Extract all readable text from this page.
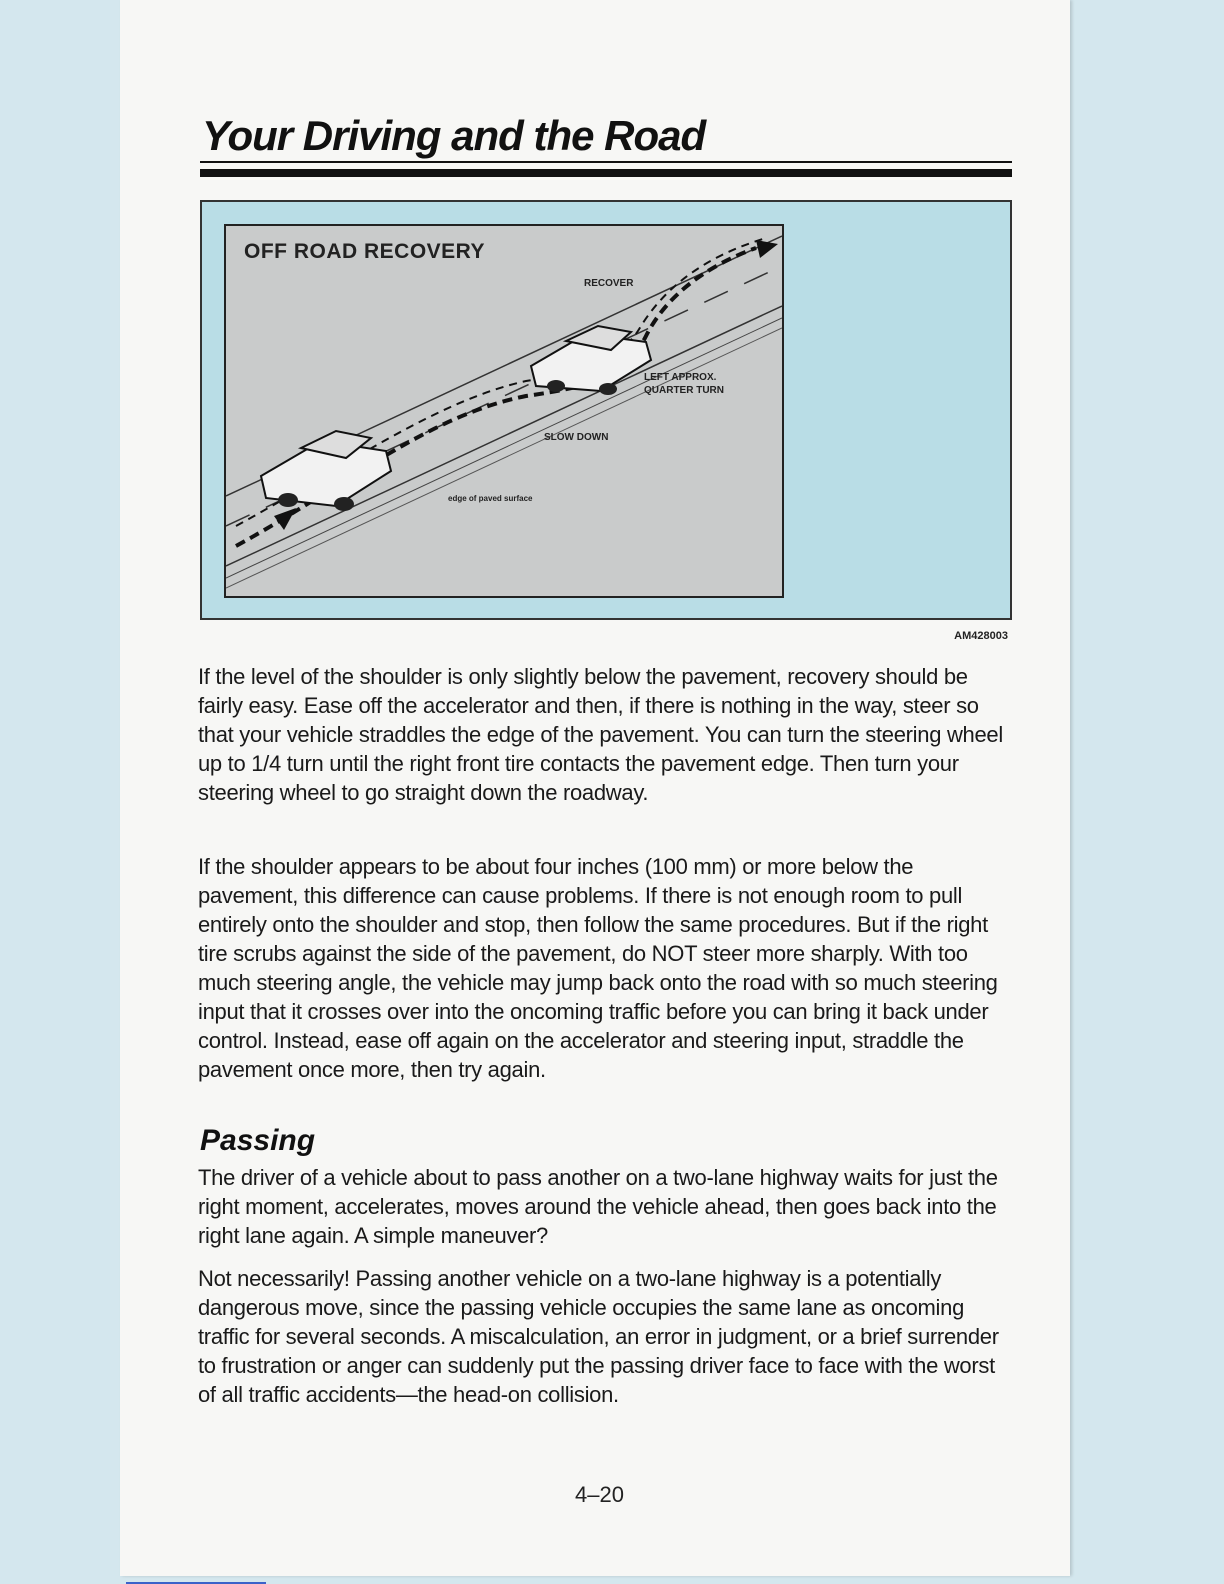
Your Driving and the Road
OFF ROAD RECOVERY
RECOVER
LEFT APPROX.
QUARTER TURN
SLOW DOWN
edge of paved surface
AM428003

If the level of the shoulder is only slightly below the pavement, recovery should be fairly easy. Ease off the accelerator and then, if there is nothing in the way, steer so that your vehicle straddles the edge of the pavement. You can turn the steering wheel up to 1/4 turn until the right front tire contacts the pavement edge. Then turn your steering wheel to go straight down the roadway.

If the shoulder appears to be about four inches (100 mm) or more below the pavement, this difference can cause problems. If there is not enough room to pull entirely onto the shoulder and stop, then follow the same procedures. But if the right tire scrubs against the side of the pavement, do NOT steer more sharply. With too much steering angle, the vehicle may jump back onto the road with so much steering input that it crosses over into the oncoming traffic before you can bring it back under control. Instead, ease off again on the accelerator and steering input, straddle the pavement once more, then try again.

Passing

The driver of a vehicle about to pass another on a two-lane highway waits for just the right moment, accelerates, moves around the vehicle ahead, then goes back into the right lane again. A simple maneuver?

Not necessarily! Passing another vehicle on a two-lane highway is a potentially dangerous move, since the passing vehicle occupies the same lane as oncoming traffic for several seconds. A miscalculation, an error in judgment, or a brief surrender to frustration or anger can suddenly put the passing driver face to face with the worst of all traffic accidents—the head-on collision.

4–20
